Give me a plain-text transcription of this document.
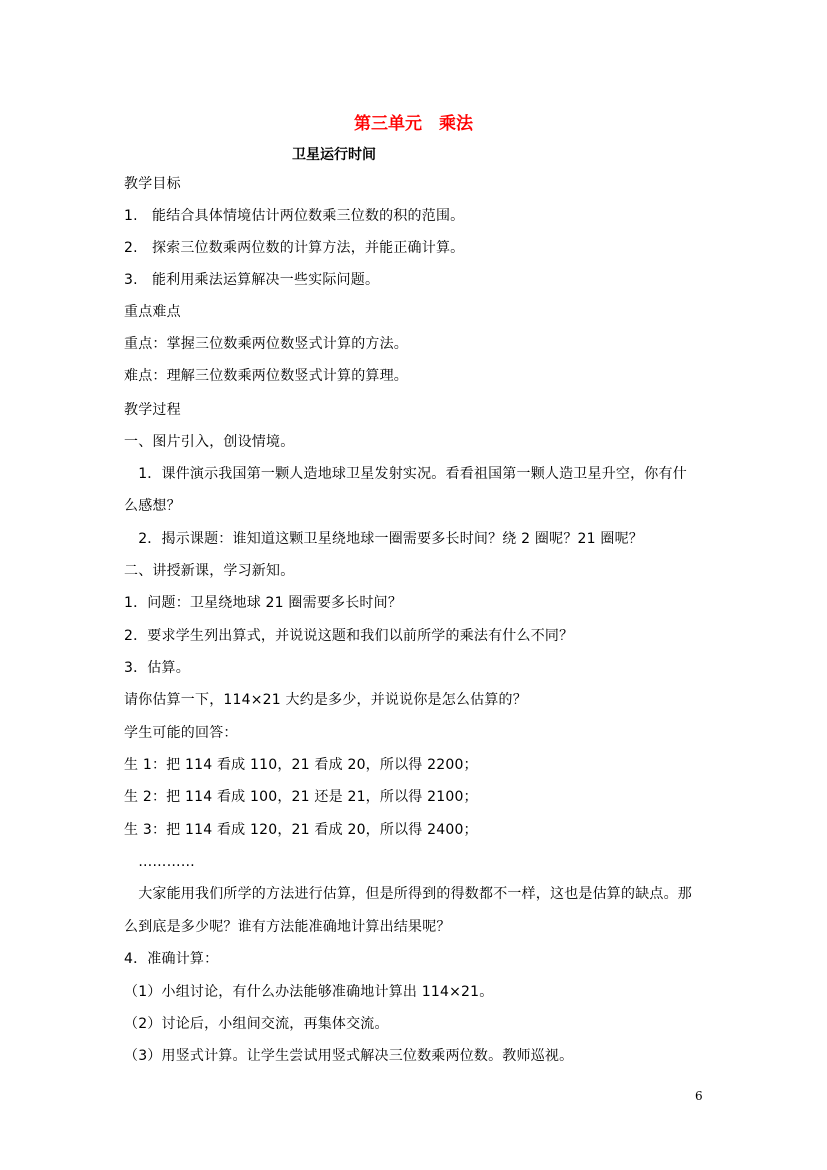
第三单元　乘法
卫星运行时间
教学目标
1.　能结合具体情境估计两位数乘三位数的积的范围。
2.　探索三位数乘两位数的计算方法，并能正确计算。
3.　能利用乘法运算解决一些实际问题。
重点难点
重点：掌握三位数乘两位数竖式计算的方法。
难点：理解三位数乘两位数竖式计算的算理。
教学过程
一、图片引入，创设情境。
　1．课件演示我国第一颗人造地球卫星发射实况。看看祖国第一颗人造卫星升空，你有什
么感想？
　2．揭示课题：谁知道这颗卫星绕地球一圈需要多长时间？绕 2 圈呢？21 圈呢？
二、讲授新课，学习新知。
1．问题：卫星绕地球 21 圈需要多长时间？
2．要求学生列出算式，并说说这题和我们以前所学的乘法有什么不同？
3．估算。
请你估算一下，114×21 大约是多少，并说说你是怎么估算的？
学生可能的回答：
生 1：把 114 看成 110，21 看成 20，所以得 2200；
生 2：把 114 看成 100，21 还是 21，所以得 2100；
生 3：把 114 看成 120，21 看成 20，所以得 2400；
　…………
　大家能用我们所学的方法进行估算，但是所得到的得数都不一样，这也是估算的缺点。那
么到底是多少呢？谁有方法能准确地计算出结果呢？
4．准确计算：
（1）小组讨论，有什么办法能够准确地计算出 114×21。
（2）讨论后，小组间交流，再集体交流。
（3）用竖式计算。让学生尝试用竖式解决三位数乘两位数。教师巡视。
6
